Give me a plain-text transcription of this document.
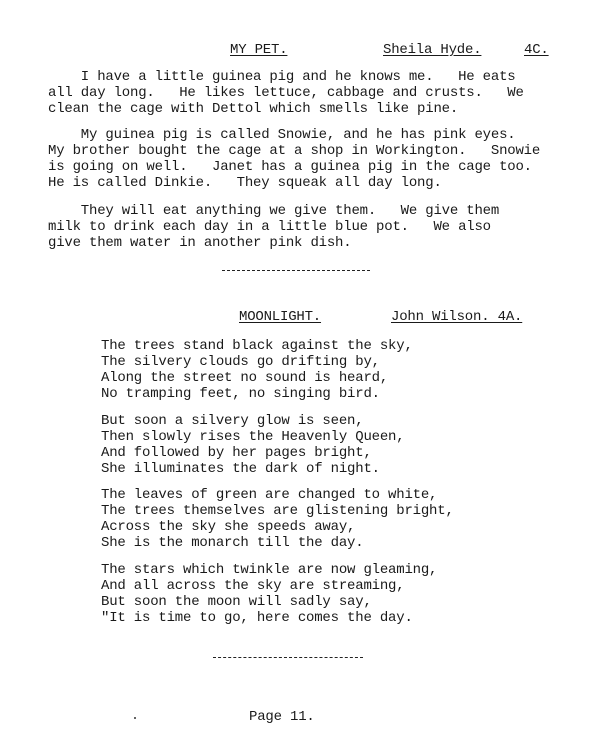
MY PET.	Sheila Hyde.	4C.
I have a little guinea pig and he knows me.   He eats
all day long.   He likes lettuce, cabbage and crusts.   We
clean the cage with Dettol which smells like pine.
My guinea pig is called Snowie, and he has pink eyes.
My brother bought the cage at a shop in Workington.   Snowie
is going on well.   Janet has a guinea pig in the cage too.
He is called Dinkie.   They squeak all day long.
They will eat anything we give them.   We give them
milk to drink each day in a little blue pot.   We also
give them water in another pink dish.
MOONLIGHT.	John Wilson. 4A.
The trees stand black against the sky,
The silvery clouds go drifting by,
Along the street no sound is heard,
No tramping feet, no singing bird.
But soon a silvery glow is seen,
Then slowly rises the Heavenly Queen,
And followed by her pages bright,
She illuminates the dark of night.
The leaves of green are changed to white,
The trees themselves are glistening bright,
Across the sky she speeds away,
She is the monarch till the day.
The stars which twinkle are now gleaming,
And all across the sky are streaming,
But soon the moon will sadly say,
"It is time to go, here comes the day.
Page 11.
